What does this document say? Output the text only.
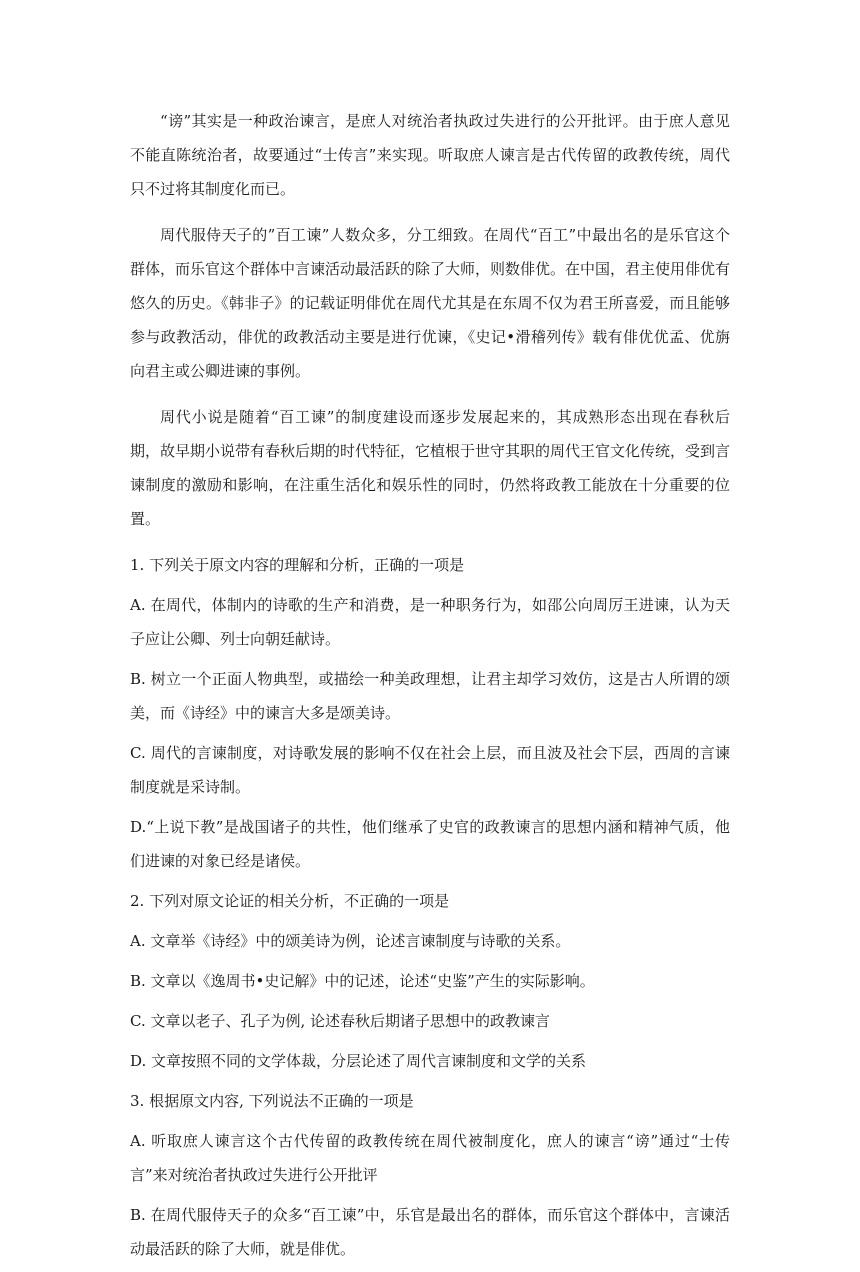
“谤”其实是一种政治谏言，是庶人对统治者执政过失进行的公开批评。由于庶人意见不能直陈统治者，故要通过“士传言”来实现。听取庶人谏言是古代传留的政教传统，周代只不过将其制度化而已。

周代服侍天子的”百工谏”人数众多，分工细致。在周代“百工”中最出名的是乐官这个群体，而乐官这个群体中言谏活动最活跃的除了大师，则数俳优。在中国，君主使用俳优有悠久的历史。《韩非子》的记载证明俳优在周代尤其是在东周不仅为君王所喜爱，而且能够参与政教活动，俳优的政教活动主要是进行优谏，《史记•滑稽列传》载有俳优优孟、优旃向君主或公卿进谏的事例。

周代小说是随着“百工谏”的制度建设而逐步发展起来的，其成熟形态出现在春秋后期，故早期小说带有春秋后期的时代特征，它植根于世守其职的周代王官文化传统，受到言谏制度的激励和影响，在注重生活化和娱乐性的同时，仍然将政教工能放在十分重要的位置。

1. 下列关于原文内容的理解和分析，正确的一项是

A. 在周代，体制内的诗歌的生产和消费，是一种职务行为，如邵公向周厉王进谏，认为天子应让公卿、列士向朝廷献诗。

B. 树立一个正面人物典型，或描绘一种美政理想，让君主却学习效仿，这是古人所谓的颂美，而《诗经》中的谏言大多是颂美诗。

C. 周代的言谏制度，对诗歌发展的影响不仅在社会上层，而且波及社会下层，西周的言谏制度就是采诗制。

D.“上说下教”是战国诸子的共性，他们继承了史官的政教谏言的思想内涵和精神气质，他们进谏的对象已经是诸侯。

2. 下列对原文论证的相关分析，不正确的一项是

A. 文章举《诗经》中的颂美诗为例，论述言谏制度与诗歌的关系。

B. 文章以《逸周书•史记解》中的记述，论述“史鉴”产生的实际影响。

C. 文章以老子、孔子为例, 论述春秋后期诸子思想中的政教谏言

D. 文章按照不同的文学体裁，分层论述了周代言谏制度和文学的关系

3. 根据原文内容, 下列说法不正确的一项是

A. 听取庶人谏言这个古代传留的政教传统在周代被制度化，庶人的谏言“谤”通过“士传言”来对统治者执政过失进行公开批评

B. 在周代服侍天子的众多“百工谏”中，乐官是最出名的群体，而乐官这个群体中，言谏活动最活跃的除了大师，就是俳优。
